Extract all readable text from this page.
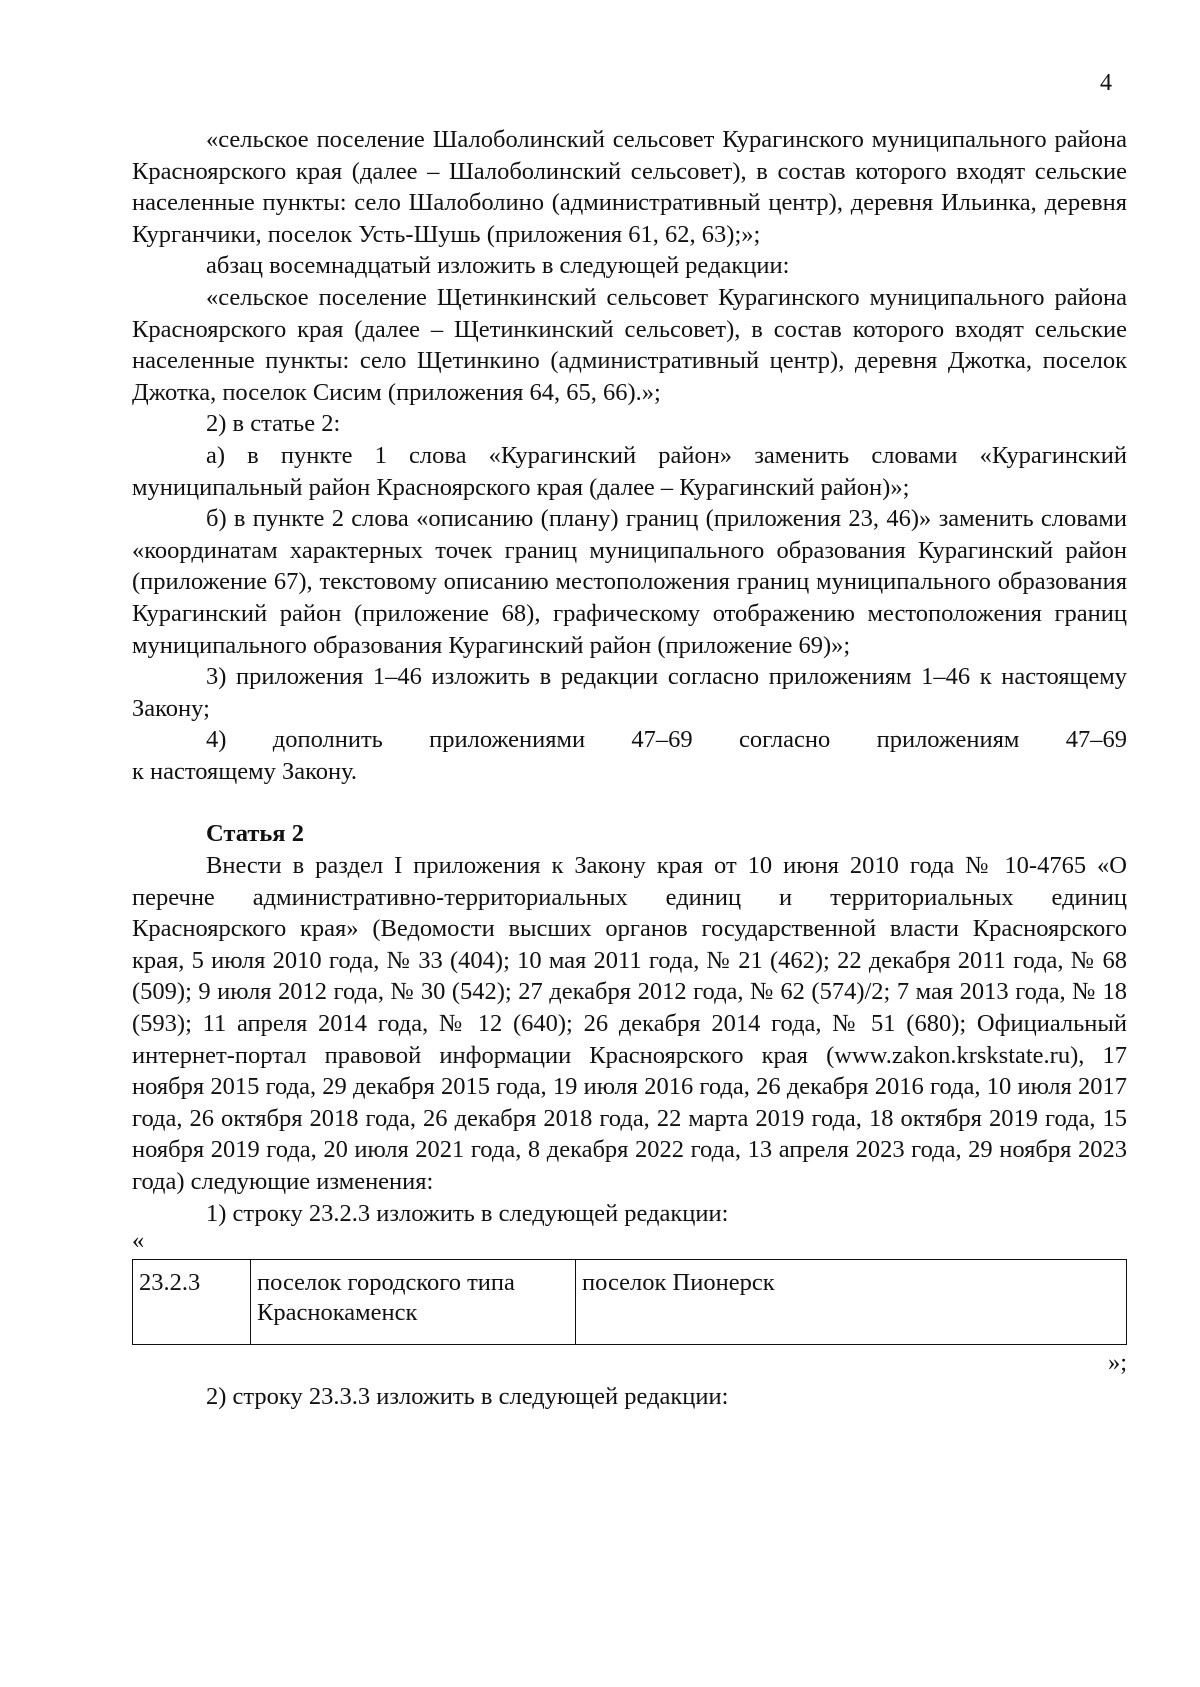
4

«сельское поселение Шалоболинский сельсовет Курагинского муниципального района Красноярского края (далее – Шалоболинский сельсовет), в состав которого входят сельские населенные пункты: село Шалоболино (административный центр), деревня Ильинка, деревня Курганчики, поселок Усть-Шушь (приложения 61, 62, 63);»;

абзац восемнадцатый изложить в следующей редакции:

«сельское поселение Щетинкинский сельсовет Курагинского муниципального района Красноярского края (далее – Щетинкинский сельсовет), в состав которого входят сельские населенные пункты: село Щетинкино (административный центр), деревня Джотка, поселок Джотка, поселок Сисим (приложения 64, 65, 66).»;

2) в статье 2:

а) в пункте 1 слова «Курагинский район» заменить словами «Курагинский муниципальный район Красноярского края (далее – Курагинский район)»;

б) в пункте 2 слова «описанию (плану) границ (приложения 23, 46)» заменить словами «координатам характерных точек границ муниципального образования Курагинский район (приложение 67), текстовому описанию местоположения границ муниципального образования Курагинский район (приложение 68), графическому отображению местоположения границ муниципального образования Курагинский район (приложение 69)»;

3) приложения 1–46 изложить в редакции согласно приложениям 1–46 к настоящему Закону;

4) дополнить приложениями 47–69 согласно приложениям 47–69

к настоящему Закону.

Статья 2

Внести в раздел I приложения к Закону края от 10 июня 2010 года № 10-4765 «О перечне административно-территориальных единиц и территориальных единиц Красноярского края» (Ведомости высших органов государственной власти Красноярского края, 5 июля 2010 года, № 33 (404); 10 мая 2011 года, № 21 (462); 22 декабря 2011 года, № 68 (509); 9 июля 2012 года, № 30 (542); 27 декабря 2012 года, № 62 (574)/2; 7 мая 2013 года, № 18 (593); 11 апреля 2014 года, № 12 (640); 26 декабря 2014 года, № 51 (680); Официальный интернет-портал правовой информации Красноярского края (www.zakon.krskstate.ru), 17 ноября 2015 года, 29 декабря 2015 года, 19 июля 2016 года, 26 декабря 2016 года, 10 июля 2017 года, 26 октября 2018 года, 26 декабря 2018 года, 22 марта 2019 года, 18 октября 2019 года, 15 ноября 2019 года, 20 июля 2021 года, 8 декабря 2022 года, 13 апреля 2023 года, 29 ноября 2023 года) следующие изменения:

1) строку 23.2.3 изложить в следующей редакции:

«

23.2.3	поселок городского типа Краснокаменск	поселок Пионерск

»;

2) строку 23.3.3 изложить в следующей редакции:
